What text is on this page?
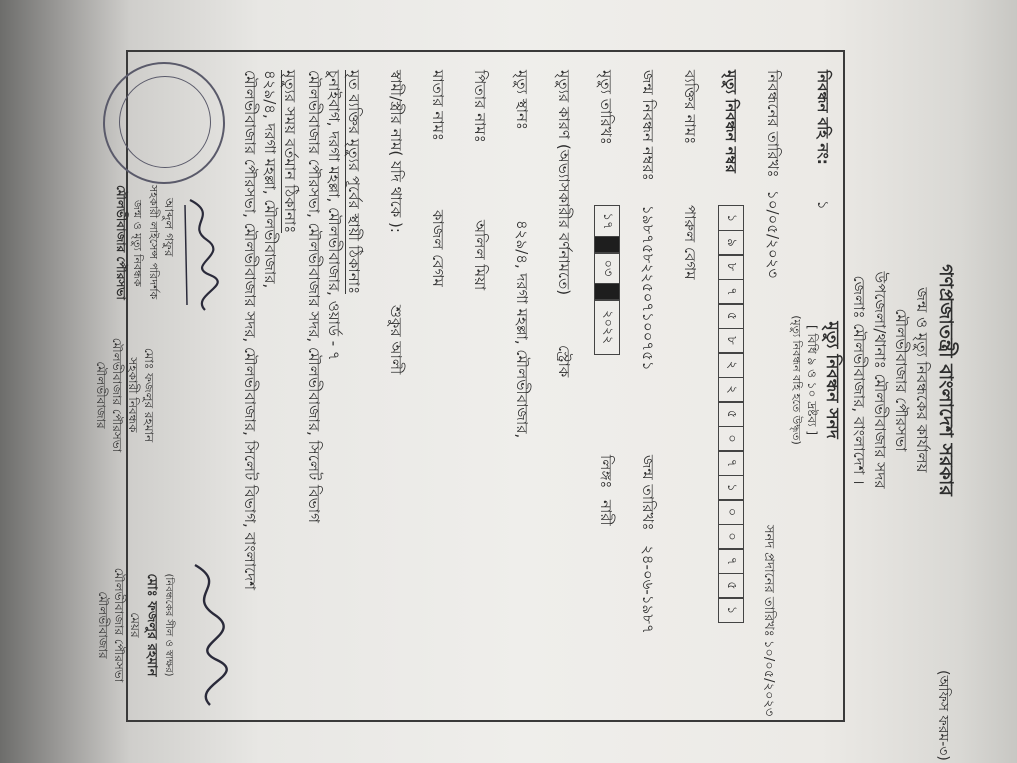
(অফিস ফরম-৩)
গণপ্রজাতন্ত্রী বাংলাদেশ সরকার
জন্ম ও মৃত্যু নিবন্ধকের কার্যালয়
মৌলভীবাজার পৌরসভা
উপজেলা/থানাঃ মৌলভীবাজার সদর
জেলাঃ মৌলভীবাজার, বাংলাদেশ ।
মৃত্যু নিবন্ধন সনদ
[ বিধি ৯ ও ১০ দ্রষ্টব্য ]
(মৃত্যু নিবন্ধন বহি হতে উদ্ধৃত)
নিবন্ধন বহি নং:
১
সনদ প্রদানের তারিখঃ
১০/০৫/২০২৩
নিবন্ধনের তারিখঃ
১০/০৫/২০২৩
মৃত্যু নিবন্ধন নম্বর
১
৯
৮
৭
৫
৮
২
২
৫
০
৭
১
০
০
৭
৫
১
ব্যক্তির নামঃ
পারুল বেগম
জন্ম নিবন্ধন নম্বরঃ
১৯৮৭৫৮২২৫০৭১০০৭৫১
জন্ম তারিখঃ
২৪-০৬-১৯৮৭
মৃত্যু তারিখঃ
১৭
০৩
২০২২
লিঙ্গঃ
নারী
মৃত্যুর কারণ (অভ্যাসকারীর বর্ণনামতে)
স্ট্রোক
মৃত্যু স্থানঃ
৪২৯/৪, দরগা মহল্লা, মৌলভীবাজার,
পিতার নামঃ
অলিল মিয়া
মাতার নামঃ
কাজল বেগম
স্বামী/স্ত্রীর নাম( যদি থাকে ):
শুকুর আলী
মৃত ব্যক্তির মৃত্যুর পূর্বের স্থায়ী ঠিকানাঃ
চুনাইবাগ, দরগা মহল্লা, মৌলভীবাজার, ওয়ার্ড - ৭
মৌলভীবাজার পৌরসভা, মৌলভীবাজার সদর, মৌলভীবাজার, সিলেট বিভাগ
মৃত্যুর সময় বর্তমান ঠিকানাঃ
৪২৯/৪, দরগা মহল্লা, মৌলভীবাজার,
মৌলভীবাজার পৌরসভা, মৌলভীবাজার সদর, মৌলভীবাজার, সিলেট বিভাগ, বাংলাদেশ
আব্দুল গফুর
সহকারী লাইসেন্স পরিদর্শক
জন্ম ও মৃত্যু নিবন্ধক
মৌলভীবাজার পৌরসভা
মোঃ ফজলুর রহমান
সহকারী নিবন্ধক
মৌলভীবাজার পৌরসভা
মৌলভীবাজার
(নিবন্ধকের সীল ও স্বাক্ষর)
মোঃ ফজলুর রহমান
মেয়র
মৌলভীবাজার পৌরসভা
মৌলভীবাজার
